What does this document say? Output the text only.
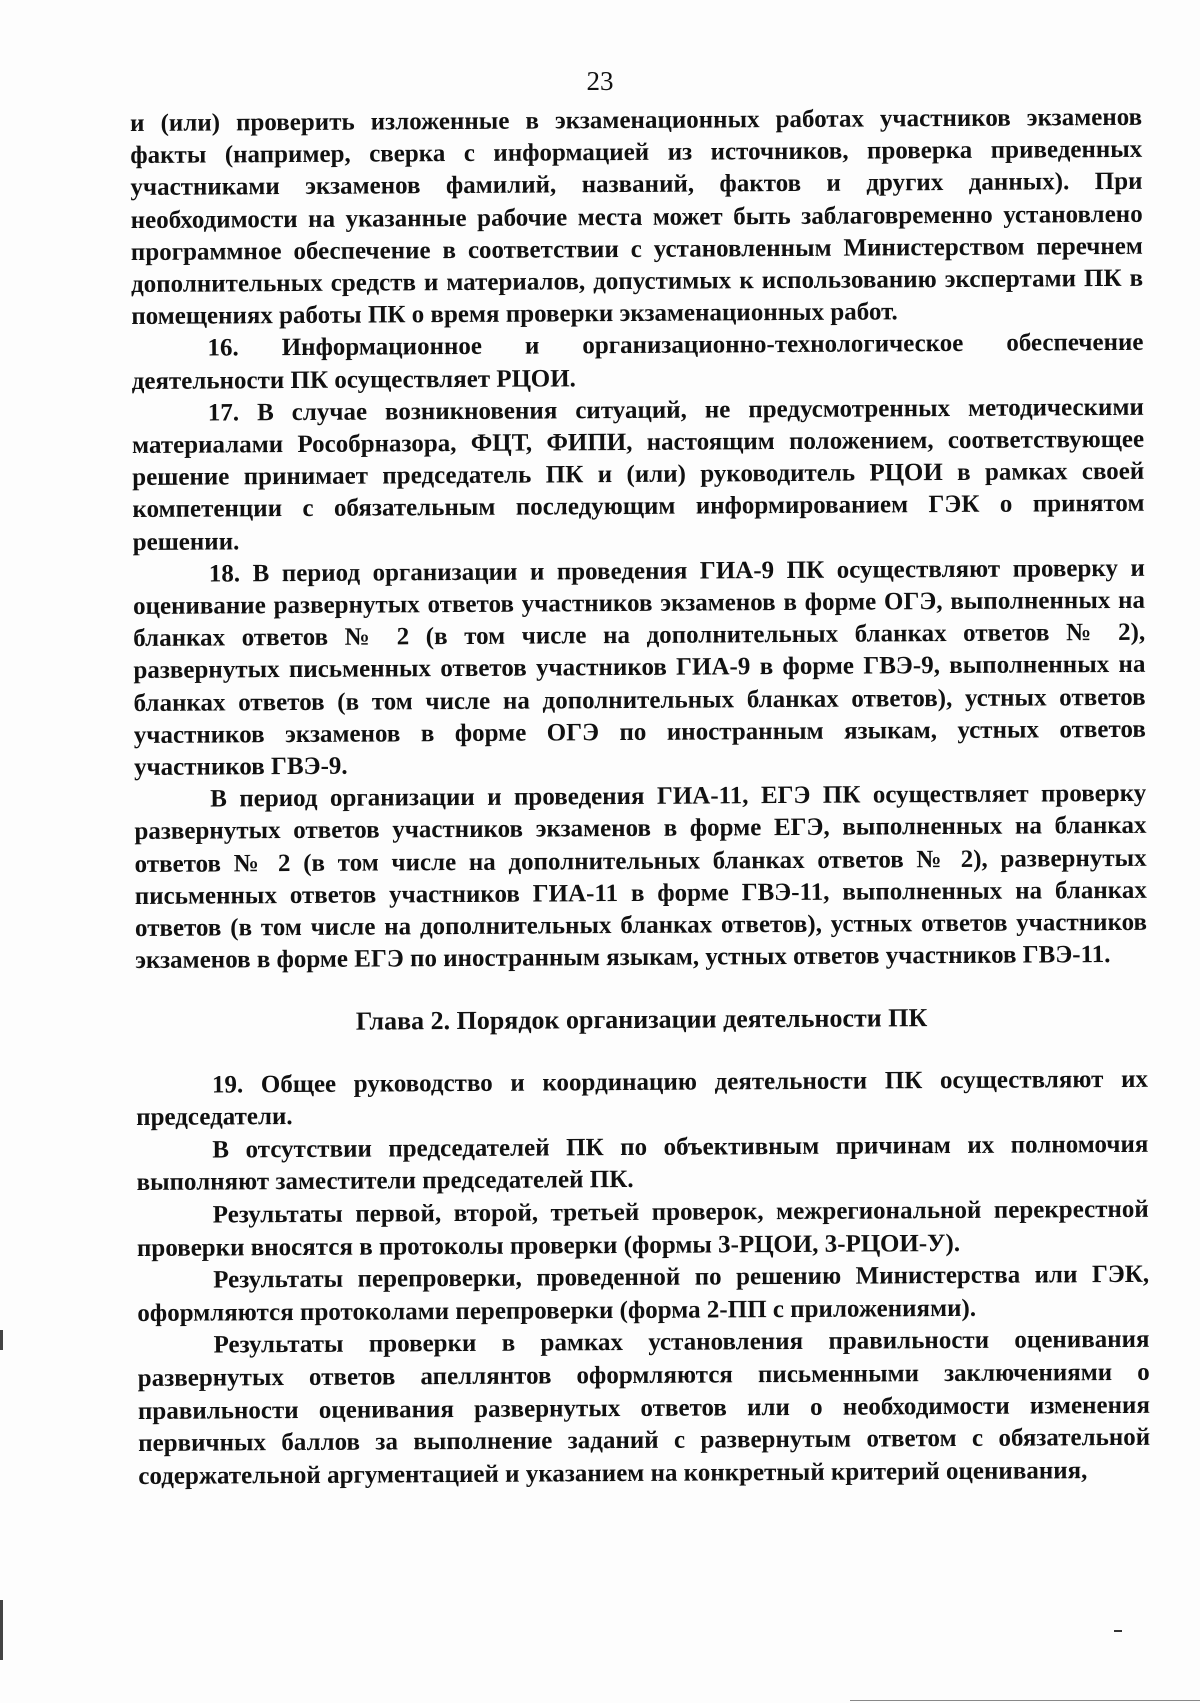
23

и (или) проверить изложенные в экзаменационных работах участников экзаменов факты (например, сверка с информацией из источников, проверка приведенных участниками экзаменов фамилий, названий, фактов и других данных). При необходимости на указанные рабочие места может быть заблаговременно установлено программное обеспечение в соответствии с установленным Министерством перечнем дополнительных средств и материалов, допустимых к использованию экспертами ПК в помещениях работы ПК о время проверки экзаменационных работ.

16. Информационное и организационно-технологическое обеспечение деятельности ПК осуществляет РЦОИ.

17. В случае возникновения ситуаций, не предусмотренных методическими материалами Рособрназора, ФЦТ, ФИПИ, настоящим положением, соответствующее решение принимает председатель ПК и (или) руководитель РЦОИ в рамках своей компетенции с обязательным последующим информированием ГЭК о принятом решении.

18. В период организации и проведения ГИА-9 ПК осуществляют проверку и оценивание развернутых ответов участников экзаменов в форме ОГЭ, выполненных на бланках ответов № 2 (в том числе на дополнительных бланках ответов № 2), развернутых письменных ответов участников ГИА-9 в форме ГВЭ-9, выполненных на бланках ответов (в том числе на дополнительных бланках ответов), устных ответов участников экзаменов в форме ОГЭ по иностранным языкам, устных ответов участников ГВЭ-9.

В период организации и проведения ГИА-11, ЕГЭ ПК осуществляет проверку развернутых ответов участников экзаменов в форме ЕГЭ, выполненных на бланках ответов № 2 (в том числе на дополнительных бланках ответов № 2), развернутых письменных ответов участников ГИА-11 в форме ГВЭ-11, выполненных на бланках ответов (в том числе на дополнительных бланках ответов), устных ответов участников экзаменов в форме ЕГЭ по иностранным языкам, устных ответов участников ГВЭ-11.

Глава 2. Порядок организации деятельности ПК

19. Общее руководство и координацию деятельности ПК осуществляют их председатели.

В отсутствии председателей ПК по объективным причинам их полномочия выполняют заместители председателей ПК.

Результаты первой, второй, третьей проверок, межрегиональной перекрестной проверки вносятся в протоколы проверки (формы 3-РЦОИ, 3-РЦОИ-У).

Результаты перепроверки, проведенной по решению Министерства или ГЭК, оформляются протоколами перепроверки (форма 2-ПП с приложениями).

Результаты проверки в рамках установления правильности оценивания развернутых ответов апеллянтов оформляются письменными заключениями о правильности оценивания развернутых ответов или о необходимости изменения первичных баллов за выполнение заданий с развернутым ответом с обязательной содержательной аргументацией и указанием на конкретный критерий оценивания,
